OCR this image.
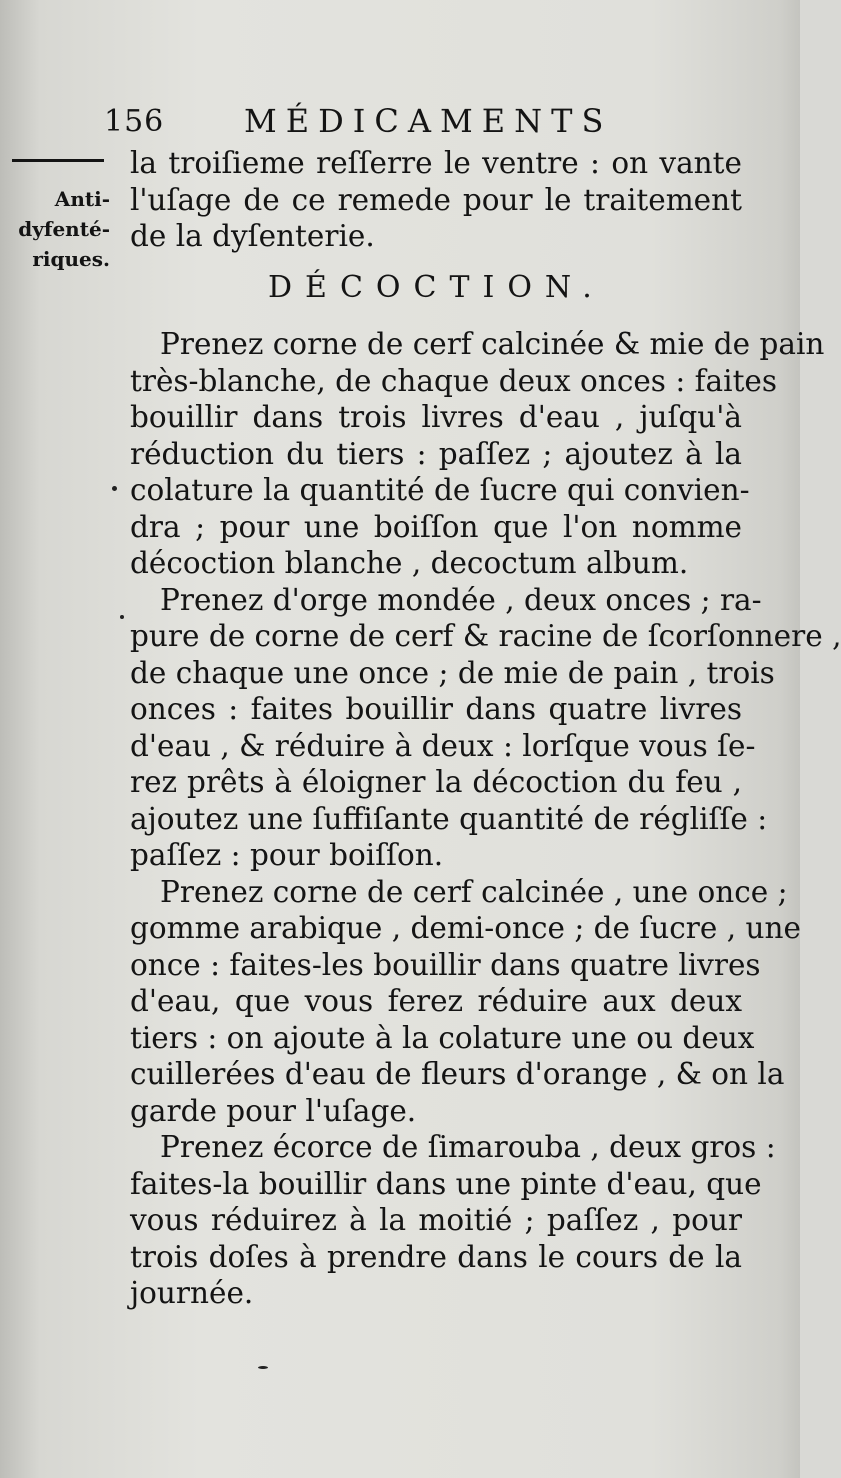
156 MÉDICAMENTS
Anti-
dyfenté-
riques.
la troiſieme reſſerre le ventre : on vante
l'uſage de ce remede pour le traitement
de la dyſenterie.
DÉCOCTION.
Prenez corne de cerf calcinée & mie de pain
très-blanche, de chaque deux onces : faites
bouillir dans trois livres d'eau , juſqu'à
réduction du tiers : paſſez ; ajoutez à la
colature la quantité de ſucre qui convien-
dra ; pour une boiſſon que l'on nomme
décoction blanche , decoctum album.
Prenez d'orge mondée , deux onces ; ra-
pure de corne de cerf & racine de ſcorſonnere ,
de chaque une once ; de mie de pain , trois
onces : faites bouillir dans quatre livres
d'eau , & réduire à deux : lorſque vous ſe-
rez prêts à éloigner la décoction du feu ,
ajoutez une ſuffiſante quantité de régliſſe :
paſſez : pour boiſſon.
Prenez corne de cerf calcinée , une once ;
gomme arabique , demi-once ; de ſucre , une
once : faites-les bouillir dans quatre livres
d'eau, que vous ferez réduire aux deux
tiers : on ajoute à la colature une ou deux
cuillerées d'eau de fleurs d'orange , & on la
garde pour l'uſage.
Prenez écorce de ſimarouba , deux gros :
faites-la bouillir dans une pinte d'eau, que
vous réduirez à la moitié ; paſſez , pour
trois doſes à prendre dans le cours de la
journée.
